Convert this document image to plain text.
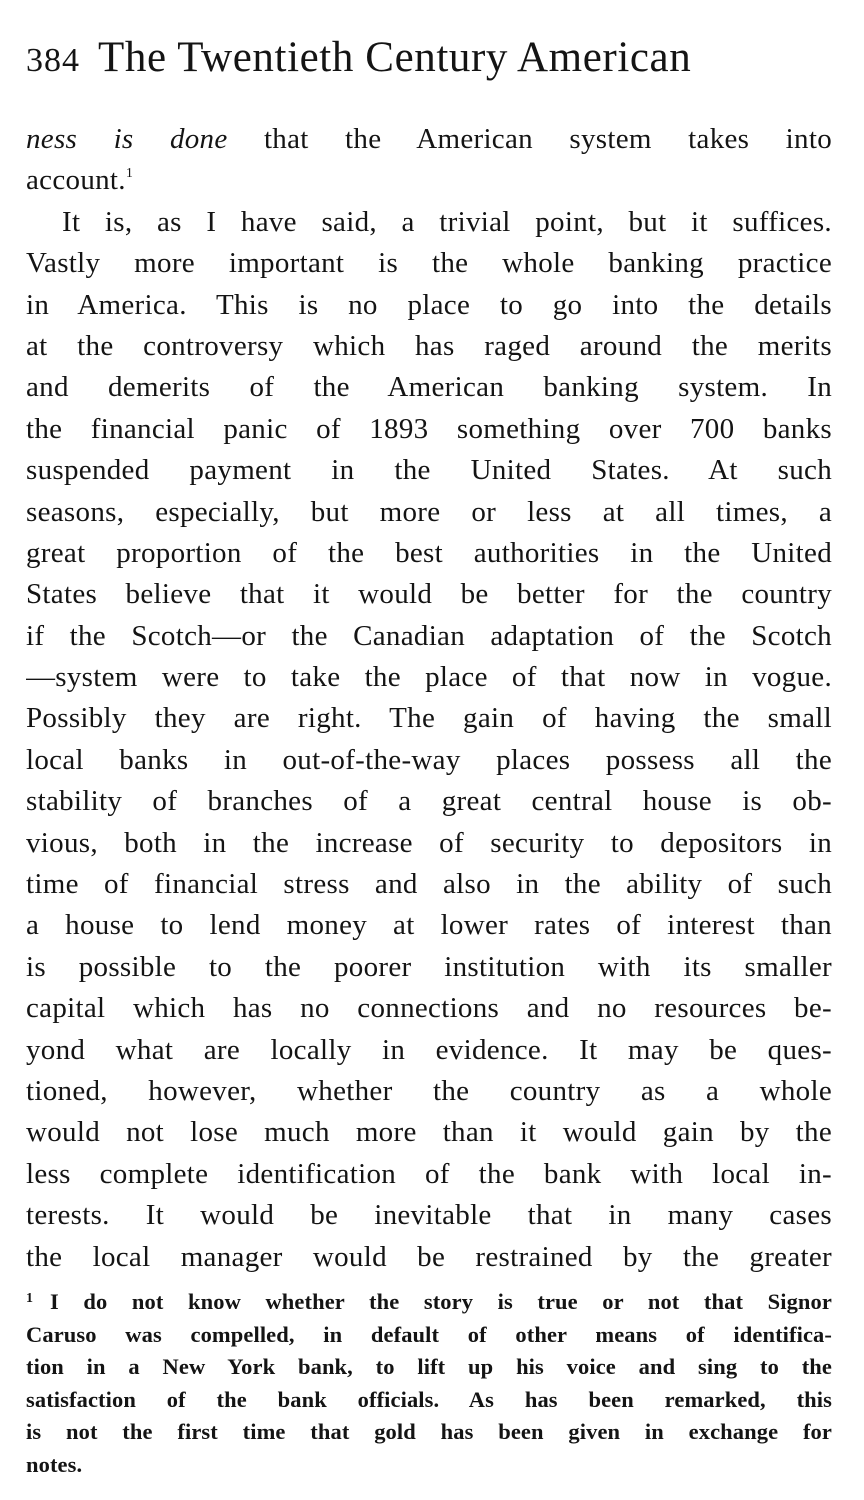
384 The Twentieth Century American
ness is done that the American system takes into
account.$^1$
It is, as I have said, a trivial point, but it suffices.
Vastly more important is the whole banking practice
in America. This is no place to go into the details
at the controversy which has raged around the merits
and demerits of the American banking system. In
the financial panic of 1893 something over 700 banks
suspended payment in the United States. At such
seasons, especially, but more or less at all times, a
great proportion of the best authorities in the United
States believe that it would be better for the country
if the Scotch—or the Canadian adaptation of the Scotch
—system were to take the place of that now in vogue.
Possibly they are right. The gain of having the small
local banks in out-of-the-way places possess all the
stability of branches of a great central house is ob-
vious, both in the increase of security to depositors in
time of financial stress and also in the ability of such
a house to lend money at lower rates of interest than
is possible to the poorer institution with its smaller
capital which has no connections and no resources be-
yond what are locally in evidence. It may be ques-
tioned, however, whether the country as a whole
would not lose much more than it would gain by the
less complete identification of the bank with local in-
terests. It would be inevitable that in many cases
the local manager would be restrained by the greater
1 I do not know whether the story is true or not that Signor
Caruso was compelled, in default of other means of identifica-
tion in a New York bank, to lift up his voice and sing to the
satisfaction of the bank officials. As has been remarked, this
is not the first time that gold has been given in exchange for
notes.
